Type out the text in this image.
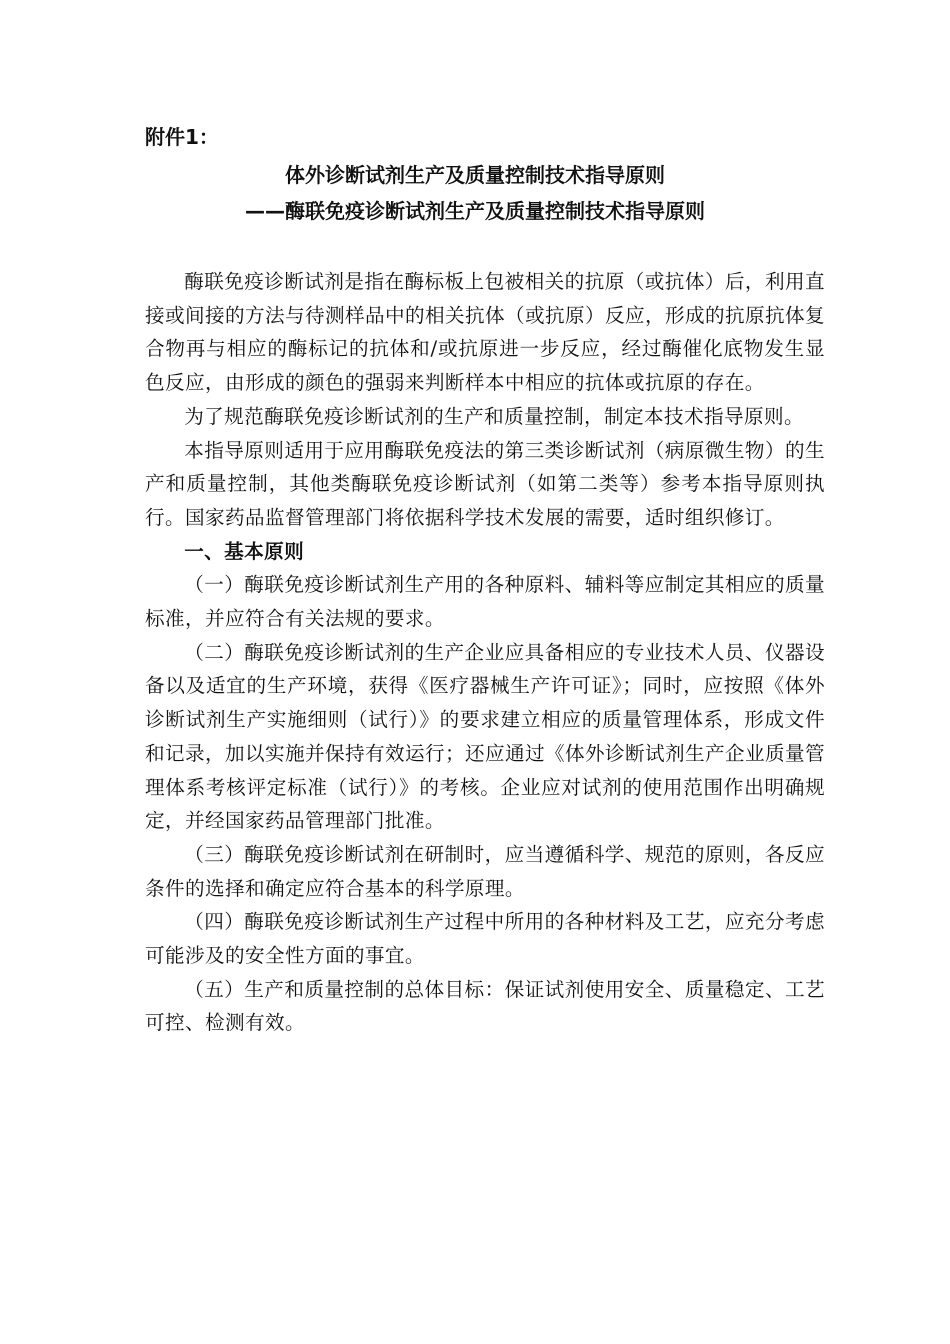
附件1：
体外诊断试剂生产及质量控制技术指导原则
——酶联免疫诊断试剂生产及质量控制技术指导原则

酶联免疫诊断试剂是指在酶标板上包被相关的抗原（或抗体）后，利用直接或间接的方法与待测样品中的相关抗体（或抗原）反应，形成的抗原抗体复合物再与相应的酶标记的抗体和/或抗原进一步反应，经过酶催化底物发生显色反应，由形成的颜色的强弱来判断样本中相应的抗体或抗原的存在。

为了规范酶联免疫诊断试剂的生产和质量控制，制定本技术指导原则。

本指导原则适用于应用酶联免疫法的第三类诊断试剂（病原微生物）的生产和质量控制，其他类酶联免疫诊断试剂（如第二类等）参考本指导原则执行。国家药品监督管理部门将依据科学技术发展的需要，适时组织修订。

一、基本原则

（一）酶联免疫诊断试剂生产用的各种原料、辅料等应制定其相应的质量标准，并应符合有关法规的要求。

（二）酶联免疫诊断试剂的生产企业应具备相应的专业技术人员、仪器设备以及适宜的生产环境，获得《医疗器械生产许可证》；同时，应按照《体外诊断试剂生产实施细则（试行）》的要求建立相应的质量管理体系，形成文件和记录，加以实施并保持有效运行；还应通过《体外诊断试剂生产企业质量管理体系考核评定标准（试行）》的考核。企业应对试剂的使用范围作出明确规定，并经国家药品管理部门批准。

（三）酶联免疫诊断试剂在研制时，应当遵循科学、规范的原则，各反应条件的选择和确定应符合基本的科学原理。

（四）酶联免疫诊断试剂生产过程中所用的各种材料及工艺，应充分考虑可能涉及的安全性方面的事宜。

（五）生产和质量控制的总体目标：保证试剂使用安全、质量稳定、工艺可控、检测有效。
